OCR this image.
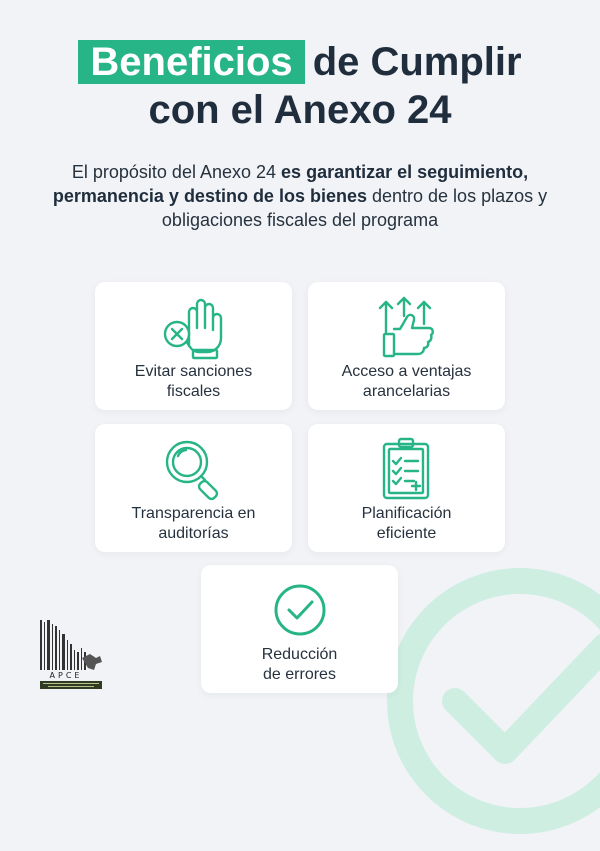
Beneficios de Cumplir
con el Anexo 24
El propósito del Anexo 24 es garantizar el seguimiento, permanencia y destino de los bienes dentro de los plazos y obligaciones fiscales del programa
Evitar sanciones
fiscales
Acceso a ventajas
arancelarias
Transparencia en
auditorías
Planificación
eficiente
Reducción
de errores
APCE
